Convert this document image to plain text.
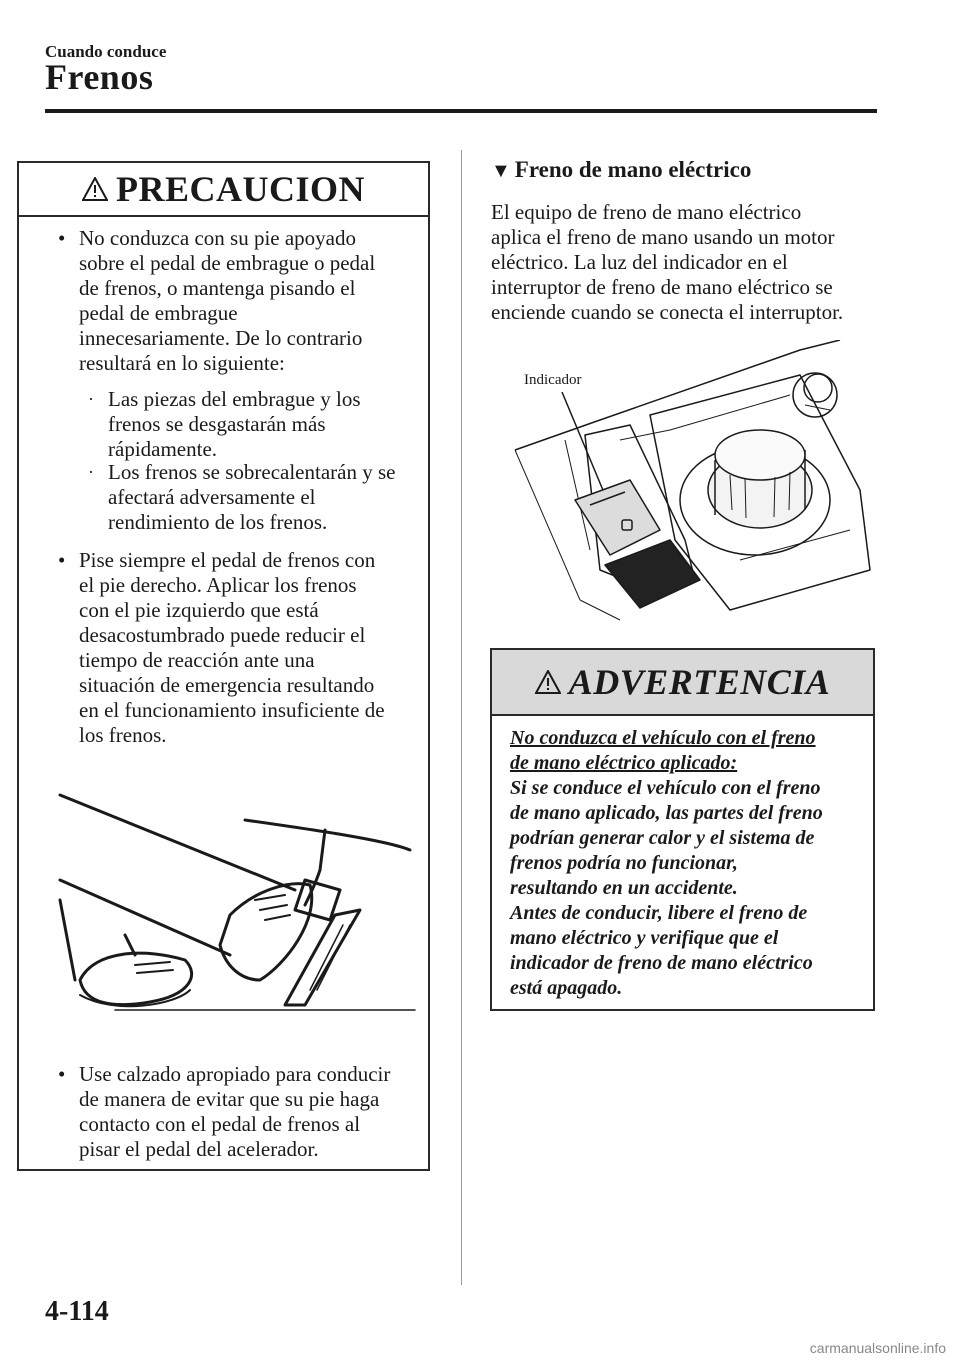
Cuando conduce
Frenos
PRECAUCION
• No conduzca con su pie apoyado
sobre el pedal de embrague o pedal
de frenos, o mantenga pisando el
pedal de embrague
innecesariamente. De lo contrario
resultará en lo siguiente:
· Las piezas del embrague y los
frenos se desgastarán más
rápidamente.
· Los frenos se sobrecalentarán y se
afectará adversamente el
rendimiento de los frenos.
• Pise siempre el pedal de frenos con
el pie derecho. Aplicar los frenos
con el pie izquierdo que está
desacostumbrado puede reducir el
tiempo de reacción ante una
situación de emergencia resultando
en el funcionamiento insuficiente de
los frenos.
• Use calzado apropiado para conducir
de manera de evitar que su pie haga
contacto con el pedal de frenos al
pisar el pedal del acelerador.
▼ Freno de mano eléctrico
El equipo de freno de mano eléctrico
aplica el freno de mano usando un motor
eléctrico. La luz del indicador en el
interruptor de freno de mano eléctrico se
enciende cuando se conecta el interruptor.
Indicador
ADVERTENCIA
No conduzca el vehículo con el freno
de mano eléctrico aplicado:
Si se conduce el vehículo con el freno
de mano aplicado, las partes del freno
podrían generar calor y el sistema de
frenos podría no funcionar,
resultando en un accidente.
Antes de conducir, libere el freno de
mano eléctrico y verifique que el
indicador de freno de mano eléctrico
está apagado.
4-114
carmanualsonline.info
